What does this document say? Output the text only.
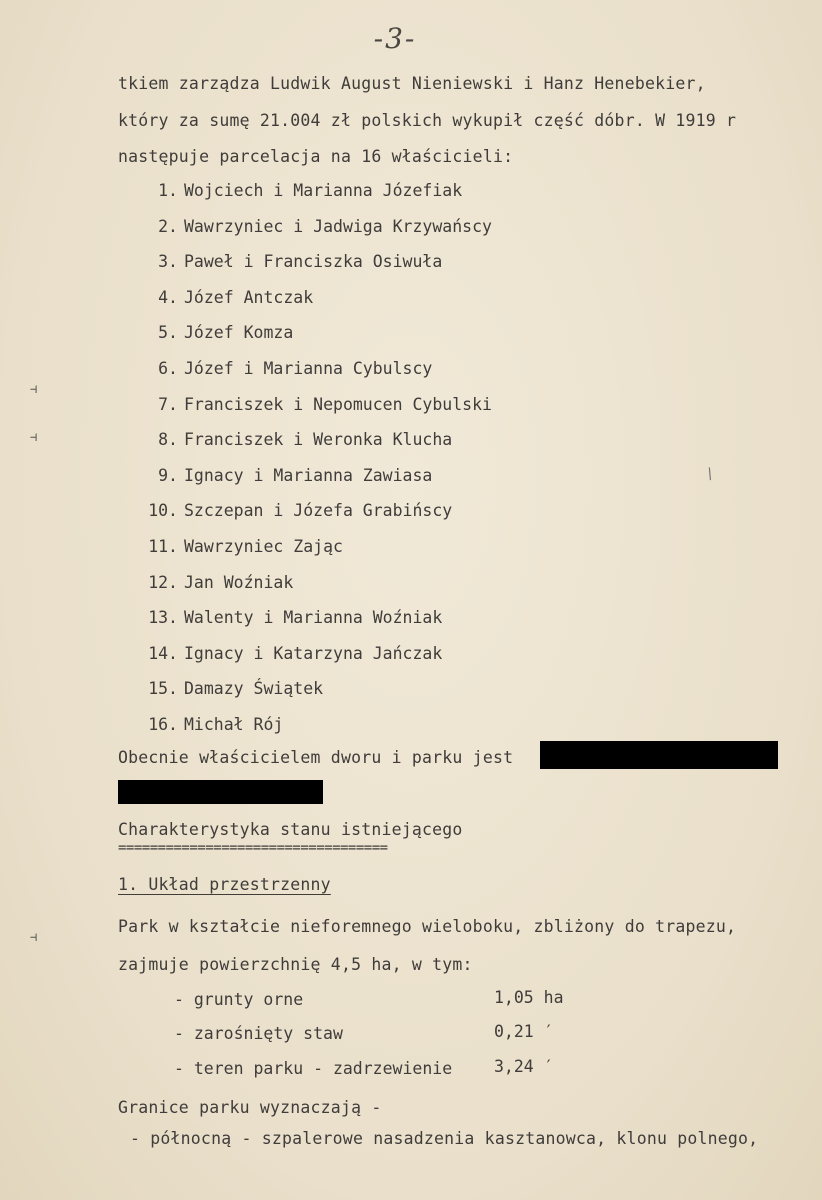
-3-
tkiem zarządza Ludwik August Nieniewski i Hanz Henebekier,
który za sumę 21.004 zł polskich wykupił część dóbr. W 1919 r
następuje parcelacja na 16 właścicieli:
1. Wojciech i Marianna Józefiak
2. Wawrzyniec i Jadwiga Krzywańscy
3. Paweł i Franciszka Osiwuła
4. Józef Antczak
5. Józef Komza
6. Józef i Marianna Cybulscy
7. Franciszek i Nepomucen Cybulski
8. Franciszek i Weronka Klucha
9. Ignacy i Marianna Zawiasa
10. Szczepan i Józefa Grabińscy
11. Wawrzyniec Zając
12. Jan Woźniak
13. Walenty i Marianna Woźniak
14. Ignacy i Katarzyna Jańczak
15. Damazy Świątek
16. Michał Rój
Obecnie właścicielem dworu i parku jest
Charakterystyka stanu istniejącego
==================================
1. Układ przestrzenny
Park w kształcie nieforemnego wieloboku, zbliżony do trapezu,
zajmuje powierzchnię 4,5 ha, w tym:
- grunty orne	1,05 ha
- zarośnięty staw	0,21 ′
- teren parku - zadrzewienie	3,24 ′
Granice parku wyznaczają -
- północną - szpalerowe nasadzenia kasztanowca, klonu polnego,
⊣
⊣
⊣
/
